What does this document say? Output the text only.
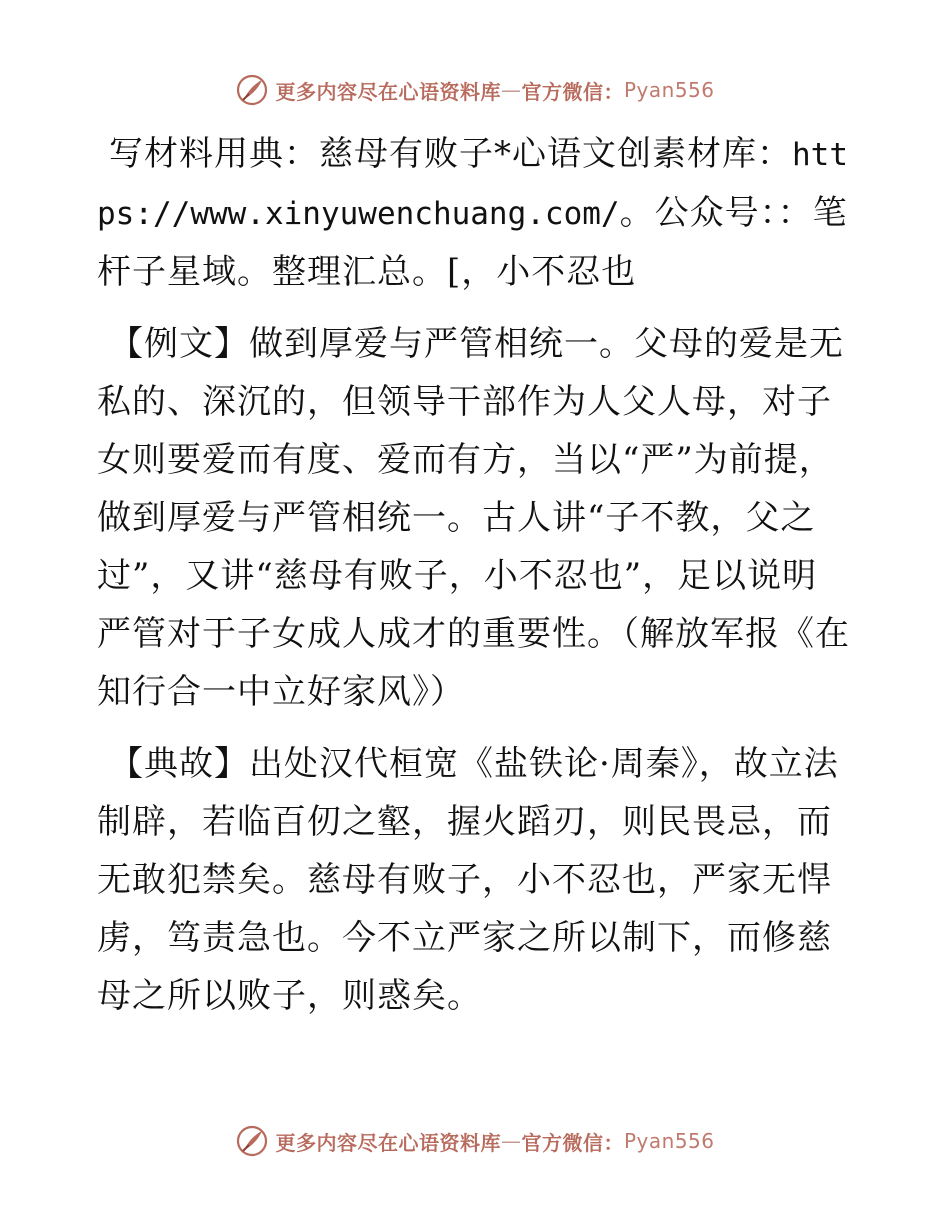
更多内容尽在心语资料库 — 官方微信： Pyan556

写材料用典：慈母有败子*心语文创素材库：https://www.xinyuwenchuang.com/。公众号：：笔杆子星域。整理汇总。[，小不忍也

【例文】做到厚爱与严管相统一。父母的爱是无私的、深沉的，但领导干部作为人父人母，对子女则要爱而有度、爱而有方，当以“严”为前提，做到厚爱与严管相统一。古人讲“子不教，父之过”，又讲“慈母有败子，小不忍也”，足以说明严管对于子女成人成才的重要性。（解放军报《在知行合一中立好家风》）

【典故】出处汉代桓宽《盐铁论·周秦》，故立法制辟，若临百仞之壑，握火蹈刃，则民畏忌，而无敢犯禁矣。慈母有败子，小不忍也，严家无悍虏，笃责急也。今不立严家之所以制下，而修慈母之所以败子，则惑矣。

更多内容尽在心语资料库 — 官方微信： Pyan556
